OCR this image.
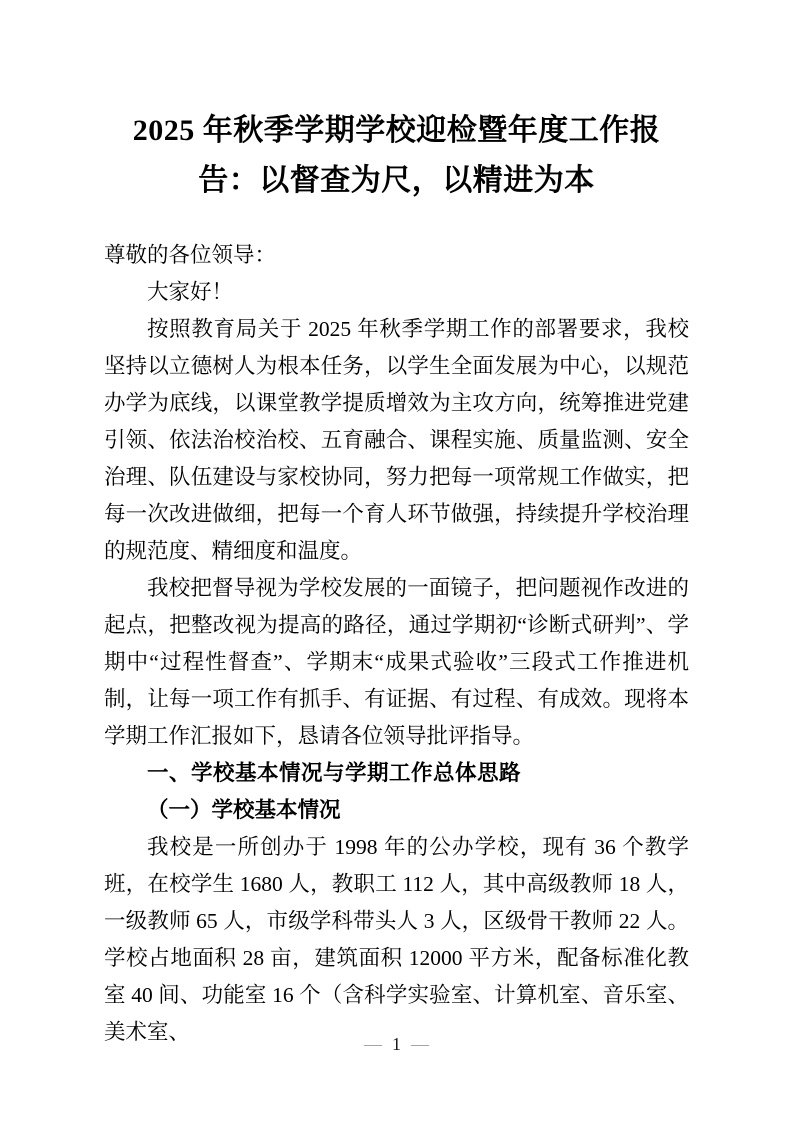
2025 年秋季学期学校迎检暨年度工作报告：以督查为尺，以精进为本

尊敬的各位领导：

大家好！

按照教育局关于 2025 年秋季学期工作的部署要求，我校坚持以立德树人为根本任务，以学生全面发展为中心，以规范办学为底线，以课堂教学提质增效为主攻方向，统筹推进党建引领、依法治校治校、五育融合、课程实施、质量监测、安全治理、队伍建设与家校协同，努力把每一项常规工作做实，把每一次改进做细，把每一个育人环节做强，持续提升学校治理的规范度、精细度和温度。

我校把督导视为学校发展的一面镜子，把问题视作改进的起点，把整改视为提高的路径，通过学期初“诊断式研判”、学期中“过程性督查”、学期末“成果式验收”三段式工作推进机制，让每一项工作有抓手、有证据、有过程、有成效。现将本学期工作汇报如下，恳请各位领导批评指导。

一、学校基本情况与学期工作总体思路

（一）学校基本情况

我校是一所创办于 1998 年的公办学校，现有 36 个教学班，在校学生 1680 人，教职工 112 人，其中高级教师 18 人，一级教师 65 人，市级学科带头人 3 人，区级骨干教师 22 人。学校占地面积 28 亩，建筑面积 12000 平方米，配备标准化教室 40 间、功能室 16 个（含科学实验室、计算机室、音乐室、美术室、	— 1 —
